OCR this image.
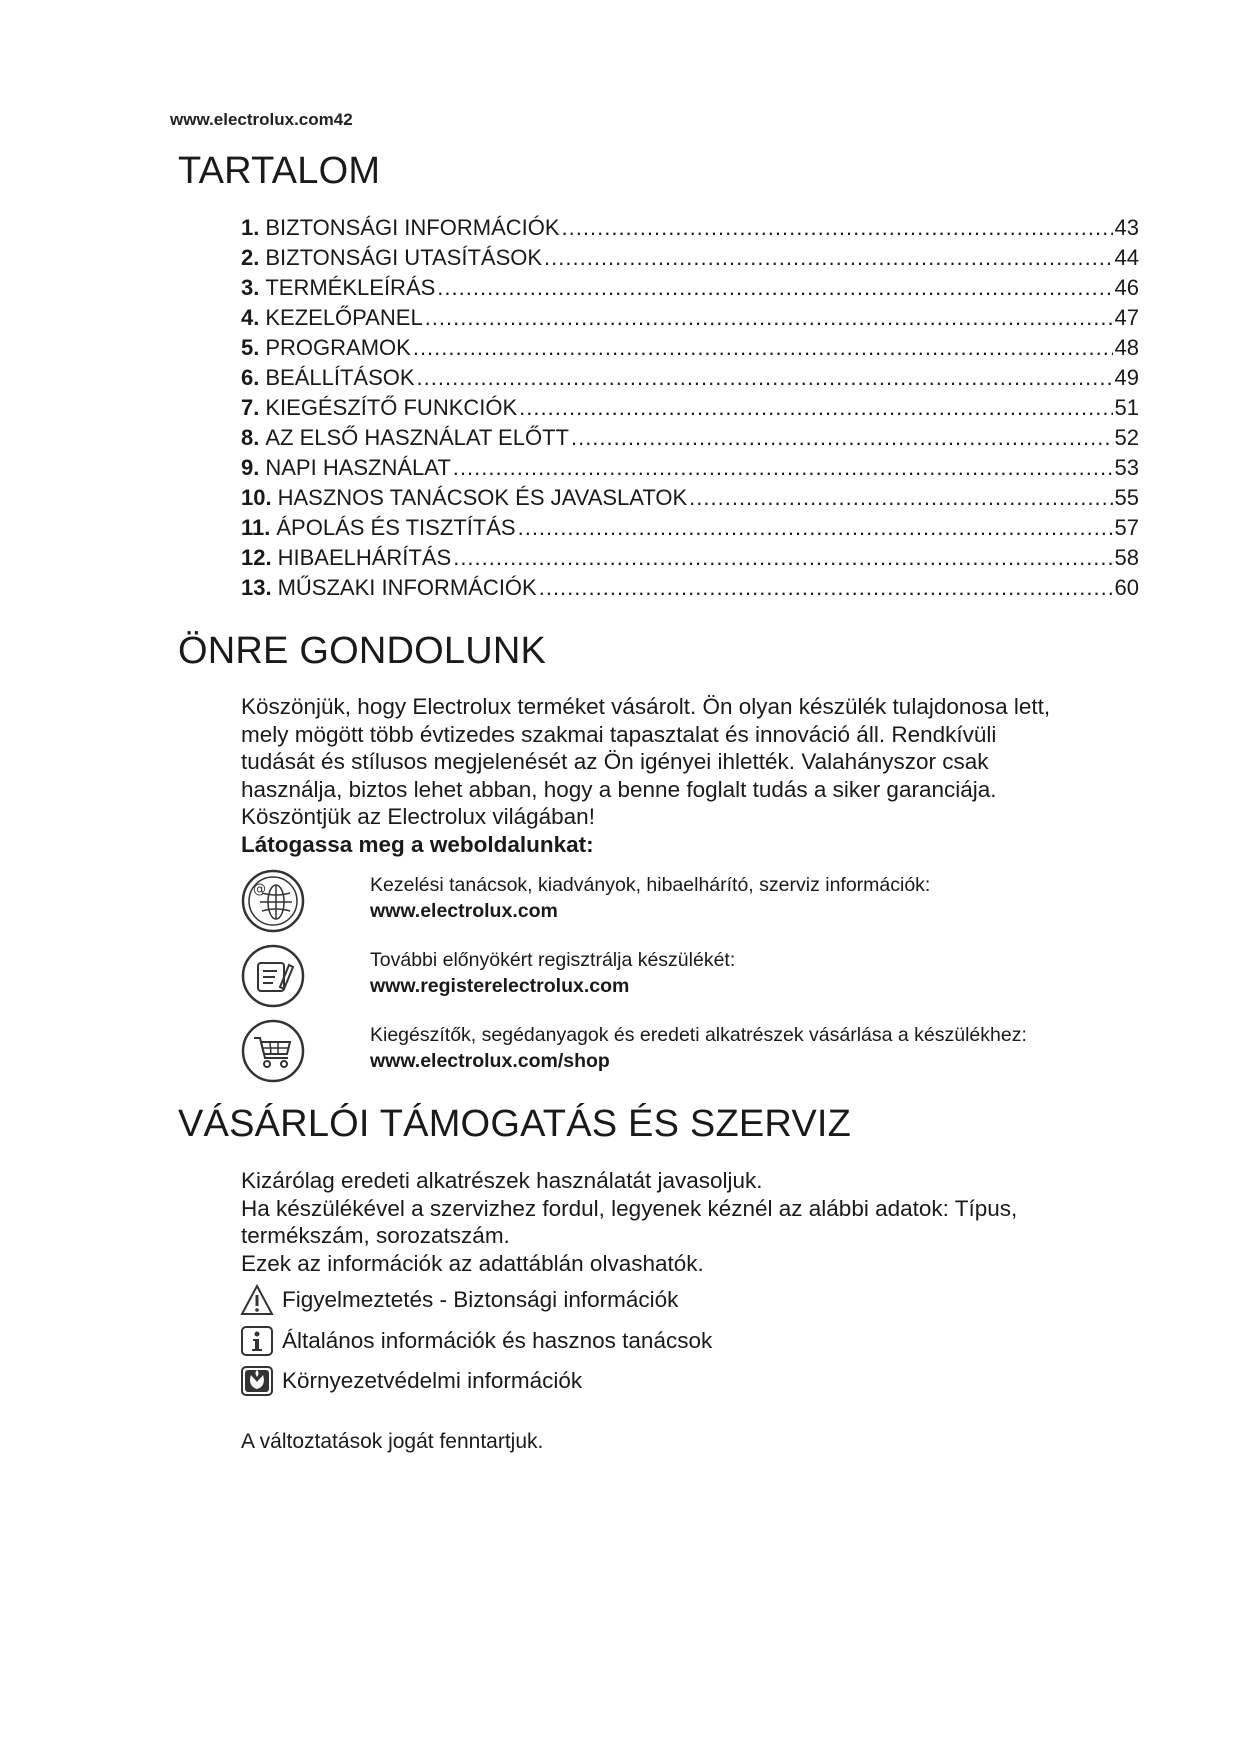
www.electrolux.com42
TARTALOM
1. BIZTONSÁGI INFORMÁCIÓK .....	43
2. BIZTONSÁGI UTASÍTÁSOK .....	44
3. TERMÉKLEÍRÁS .....	46
4. KEZELŐPANEL .....	47
5. PROGRAMOK .....	48
6. BEÁLLÍTÁSOK .....	49
7. KIEGÉSZÍTŐ FUNKCIÓK .....	51
8. AZ ELSŐ HASZNÁLAT ELŐTT .....	52
9. NAPI HASZNÁLAT .....	53
10. HASZNOS TANÁCSOK ÉS JAVASLATOK .....	55
11. ÁPOLÁS ÉS TISZTÍTÁS .....	57
12. HIBAELHÁRÍTÁS .....	58
13. MŰSZAKI INFORMÁCIÓK .....	60
ÖNRE GONDOLUNK

Köszönjük, hogy Electrolux terméket vásárolt. Ön olyan készülék tulajdonosa lett,

mely mögött több évtizedes szakmai tapasztalat és innováció áll. Rendkívüli

tudását és stílusos megjelenését az Ön igényei ihlették. Valahányszor csak

használja, biztos lehet abban, hogy a benne foglalt tudás a siker garanciája.

Köszöntjük az Electrolux világában!

Látogassa meg a weboldalunkat:

@	Kezelési tanácsok, kiadványok, hibaelhárító, szerviz információk:
www.electrolux.com
További előnyökért regisztrálja készülékét:
www.registerelectrolux.com
Kiegészítők, segédanyagok és eredeti alkatrészek vásárlása a készülékhez:
www.electrolux.com/shop
VÁSÁRLÓI TÁMOGATÁS ÉS SZERVIZ

Kizárólag eredeti alkatrészek használatát javasoljuk.

Ha készülékével a szervizhez fordul, legyenek kéznél az alábbi adatok: Típus,

termékszám, sorozatszám.

Ezek az információk az adattáblán olvashatók.

Figyelmeztetés - Biztonsági információk
Általános információk és hasznos tanácsok
Környezetvédelmi információk
A változtatások jogát fenntartjuk.
